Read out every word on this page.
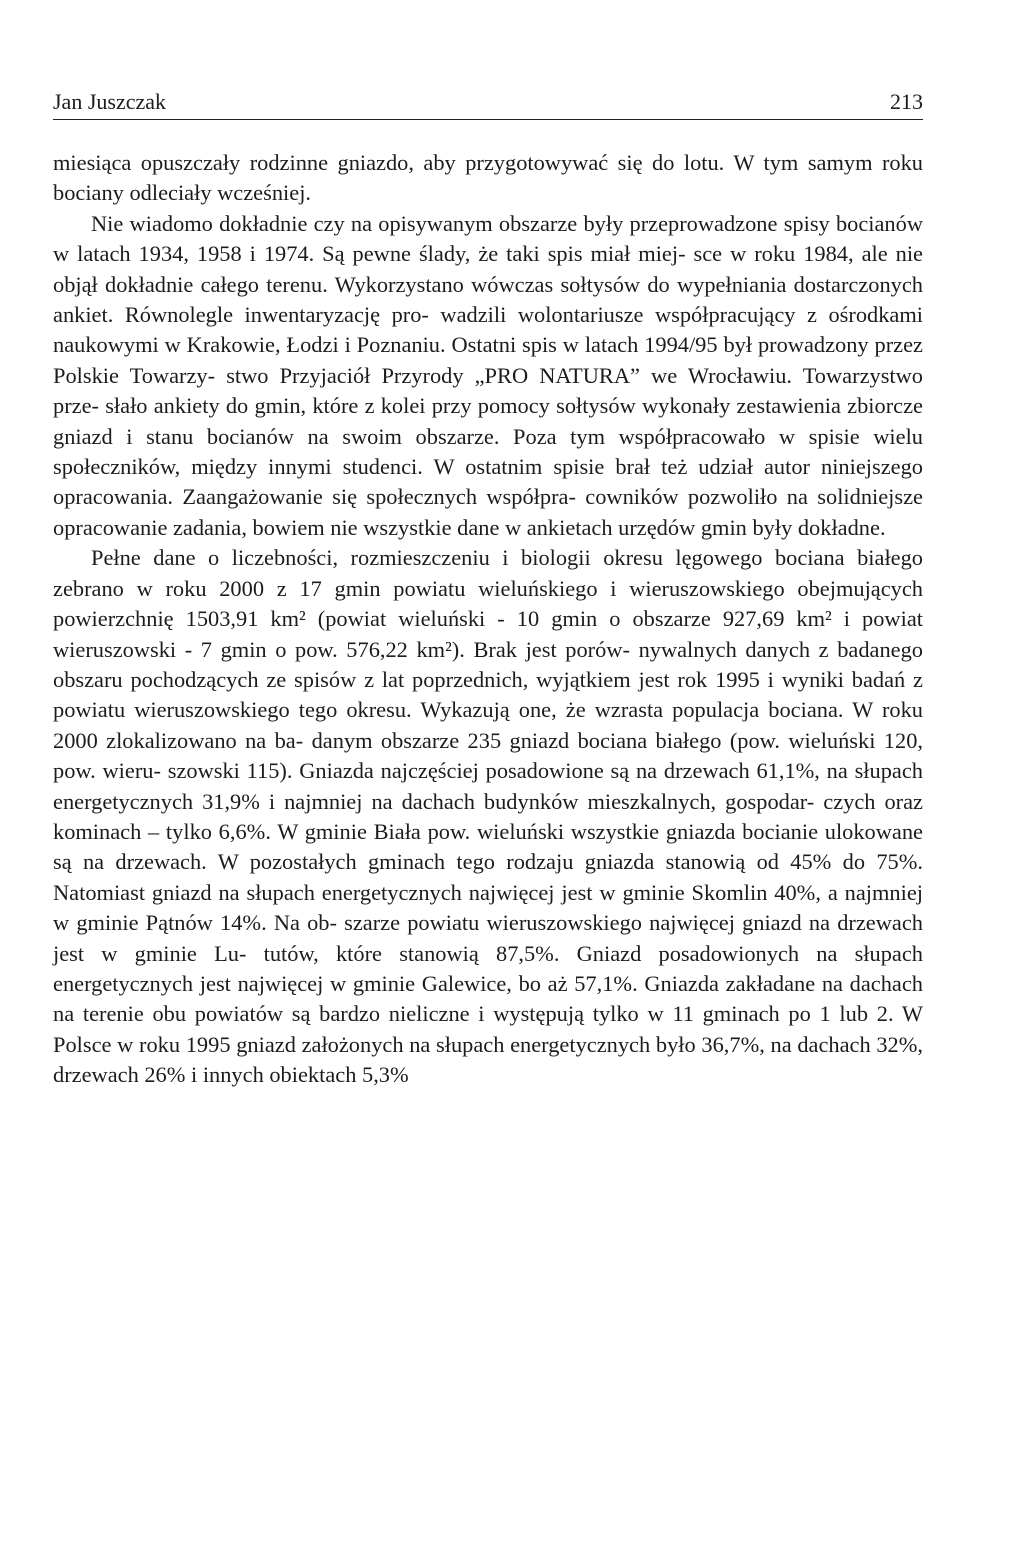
Jan Juszczak	213

miesiąca opuszczały rodzinne gniazdo, aby przygotowywać się do lotu. W tym samym roku bociany odleciały wcześniej.

Nie wiadomo dokładnie czy na opisywanym obszarze były przeprowadzone spisy bocianów w latach 1934, 1958 i 1974. Są pewne ślady, że taki spis miał miej- sce w roku 1984, ale nie objął dokładnie całego terenu. Wykorzystano wówczas sołtysów do wypełniania dostarczonych ankiet. Równolegle inwentaryzację pro- wadzili wolontariusze współpracujący z ośrodkami naukowymi w Krakowie, Łodzi i Poznaniu. Ostatni spis w latach 1994/95 był prowadzony przez Polskie Towarzy- stwo Przyjaciół Przyrody „PRO NATURA” we Wrocławiu. Towarzystwo prze- słało ankiety do gmin, które z kolei przy pomocy sołtysów wykonały zestawienia zbiorcze gniazd i stanu bocianów na swoim obszarze. Poza tym współpracowało w spisie wielu społeczników, między innymi studenci. W ostatnim spisie brał też udział autor niniejszego opracowania. Zaangażowanie się społecznych współpra- cowników pozwoliło na solidniejsze opracowanie zadania, bowiem nie wszystkie dane w ankietach urzędów gmin były dokładne.

Pełne dane o liczebności, rozmieszczeniu i biologii okresu lęgowego bociana białego zebrano w roku 2000 z 17 gmin powiatu wieluńskiego i wieruszowskiego obejmujących powierzchnię 1503,91 km² (powiat wieluński - 10 gmin o obszarze 927,69 km² i powiat wieruszowski - 7 gmin o pow. 576,22 km²). Brak jest porów- nywalnych danych z badanego obszaru pochodzących ze spisów z lat poprzednich, wyjątkiem jest rok 1995 i wyniki badań z powiatu wieruszowskiego tego okresu. Wykazują one, że wzrasta populacja bociana. W roku 2000 zlokalizowano na ba- danym obszarze 235 gniazd bociana białego (pow. wieluński 120, pow. wieru- szowski 115). Gniazda najczęściej posadowione są na drzewach 61,1%, na słupach energetycznych 31,9% i najmniej na dachach budynków mieszkalnych, gospodar- czych oraz kominach – tylko 6,6%. W gminie Biała pow. wieluński wszystkie gniazda bocianie ulokowane są na drzewach. W pozostałych gminach tego rodzaju gniazda stanowią od 45% do 75%. Natomiast gniazd na słupach energetycznych najwięcej jest w gminie Skomlin 40%, a najmniej w gminie Pątnów 14%. Na ob- szarze powiatu wieruszowskiego najwięcej gniazd na drzewach jest w gminie Lu- tutów, które stanowią 87,5%. Gniazd posadowionych na słupach energetycznych jest najwięcej w gminie Galewice, bo aż 57,1%. Gniazda zakładane na dachach na terenie obu powiatów są bardzo nieliczne i występują tylko w 11 gminach po 1 lub 2. W Polsce w roku 1995 gniazd założonych na słupach energetycznych było 36,7%, na dachach 32%, drzewach 26% i innych obiektach 5,3%
